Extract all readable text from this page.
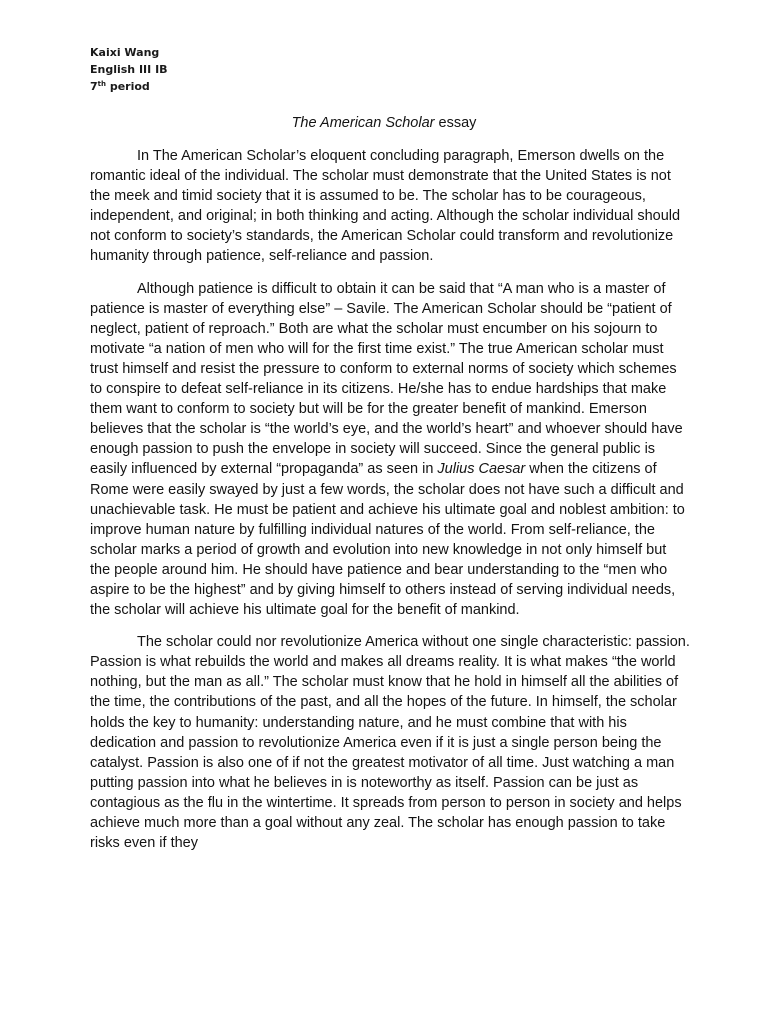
Kaixi Wang
English III IB
7th period
The American Scholar essay

In The American Scholar’s eloquent concluding paragraph, Emerson dwells on the romantic ideal of the individual. The scholar must demonstrate that the United States is not the meek and timid society that it is assumed to be. The scholar has to be courageous, independent, and original; in both thinking and acting. Although the scholar individual should not conform to society’s standards, the American Scholar could transform and revolutionize humanity through patience, self-reliance and passion.

Although patience is difficult to obtain it can be said that “A man who is a master of patience is master of everything else” – Savile. The American Scholar should be “patient of neglect, patient of reproach.” Both are what the scholar must encumber on his sojourn to motivate “a nation of men who will for the first time exist.” The true American scholar must trust himself and resist the pressure to conform to external norms of society which schemes to conspire to defeat self-reliance in its citizens. He/she has to endue hardships that make them want to conform to society but will be for the greater benefit of mankind. Emerson believes that the scholar is “the world’s eye, and the world’s heart” and whoever should have enough passion to push the envelope in society will succeed. Since the general public is easily influenced by external “propaganda” as seen in Julius Caesar when the citizens of Rome were easily swayed by just a few words, the scholar does not have such a difficult and unachievable task. He must be patient and achieve his ultimate goal and noblest ambition: to improve human nature by fulfilling individual natures of the world. From self-reliance, the scholar marks a period of growth and evolution into new knowledge in not only himself but the people around him. He should have patience and bear understanding to the “men who aspire to be the highest” and by giving himself to others instead of serving individual needs, the scholar will achieve his ultimate goal for the benefit of mankind.

The scholar could nor revolutionize America without one single characteristic: passion. Passion is what rebuilds the world and makes all dreams reality. It is what makes “the world nothing, but the man as all.” The scholar must know that he hold in himself all the abilities of the time, the contributions of the past, and all the hopes of the future. In himself, the scholar holds the key to humanity: understanding nature, and he must combine that with his dedication and passion to revolutionize America even if it is just a single person being the catalyst. Passion is also one of if not the greatest motivator of all time. Just watching a man putting passion into what he believes in is noteworthy as itself. Passion can be just as contagious as the flu in the wintertime. It spreads from person to person in society and helps achieve much more than a goal without any zeal. The scholar has enough passion to take risks even if they
